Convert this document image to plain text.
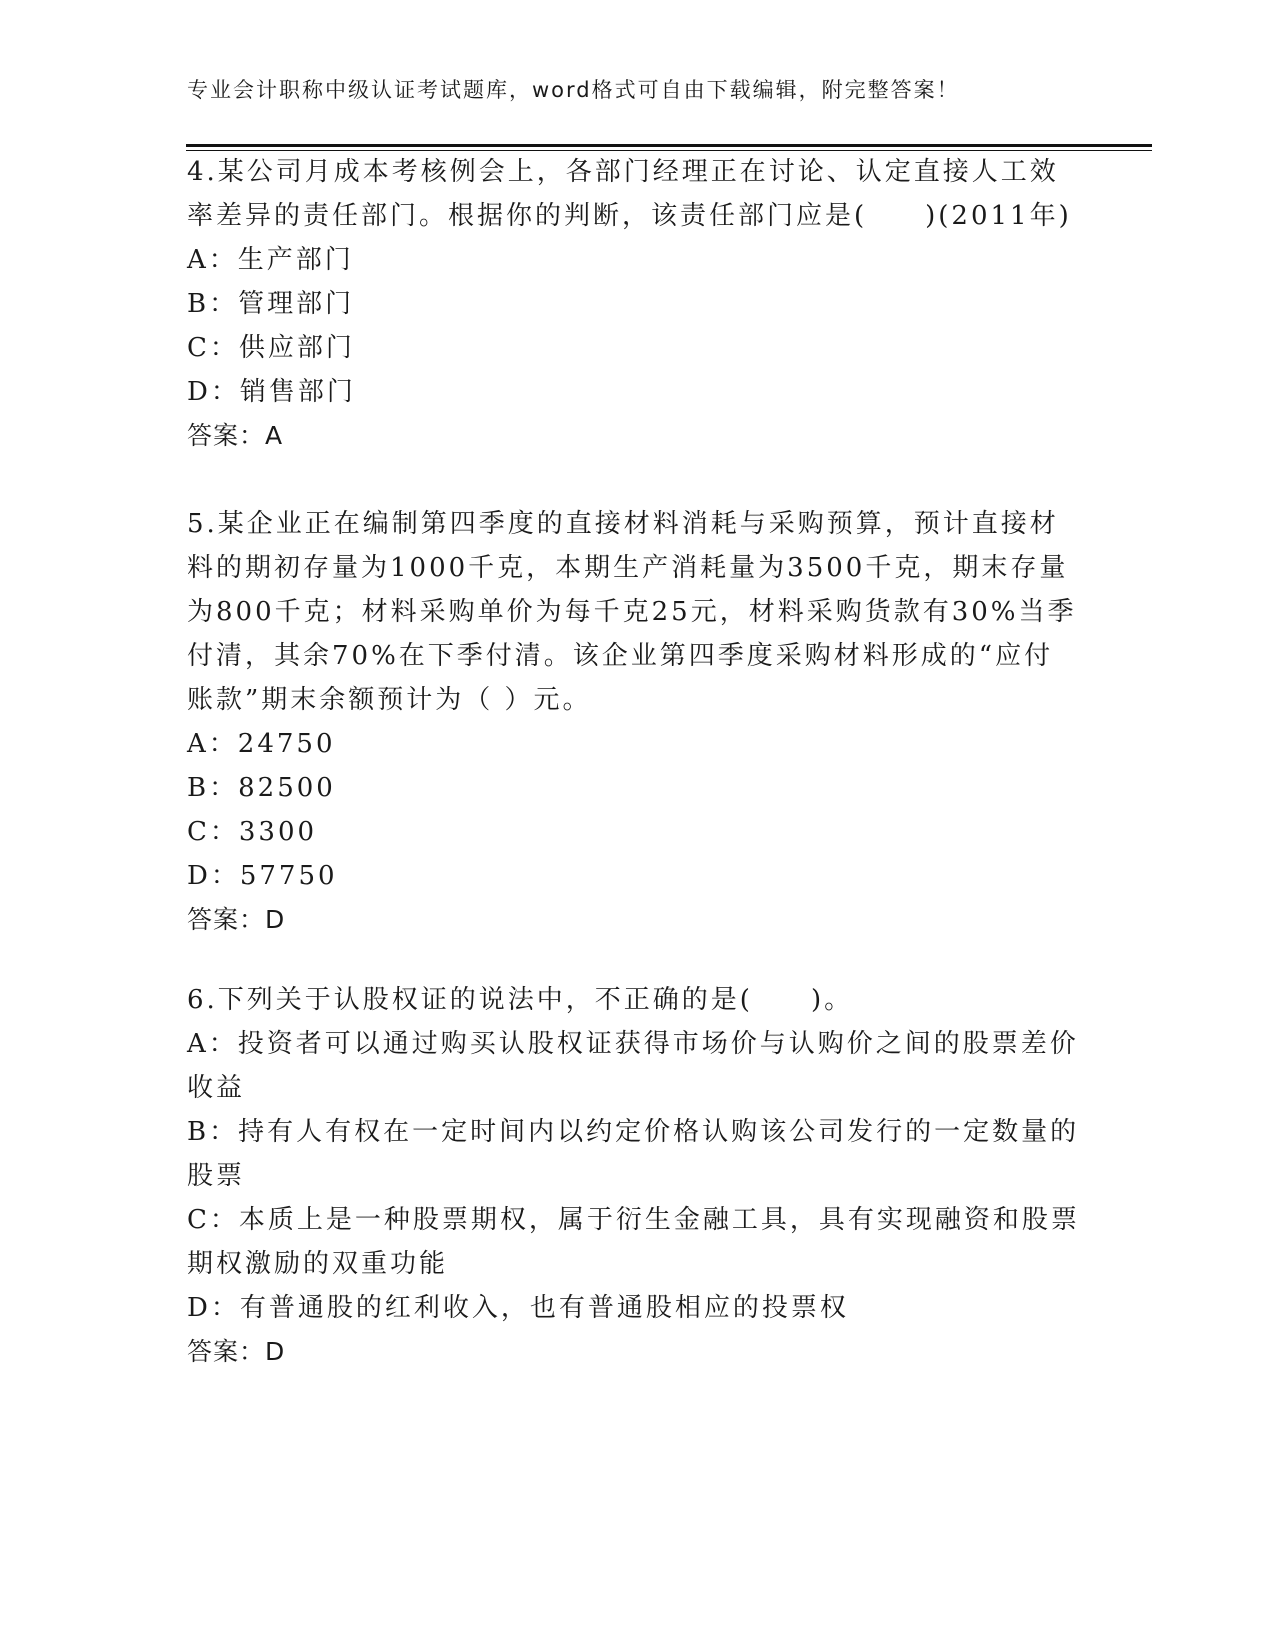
专业会计职称中级认证考试题库，word格式可自由下载编辑，附完整答案！
4.某公司月成本考核例会上，各部门经理正在讨论、认定直接人工效
率差异的责任部门。根据你的判断，该责任部门应是(　　)(2011年)
A：生产部门
B：管理部门
C：供应部门
D：销售部门
答案：A
5.某企业正在编制第四季度的直接材料消耗与采购预算，预计直接材
料的期初存量为1000千克，本期生产消耗量为3500千克，期末存量
为800千克；材料采购单价为每千克25元，材料采购货款有30%当季
付清，其余70%在下季付清。该企业第四季度采购材料形成的“应付
账款”期末余额预计为（ ）元。
A：24750
B：82500
C：3300
D：57750
答案：D
6.下列关于认股权证的说法中，不正确的是(　　)。
A：投资者可以通过购买认股权证获得市场价与认购价之间的股票差价
收益
B：持有人有权在一定时间内以约定价格认购该公司发行的一定数量的
股票
C：本质上是一种股票期权，属于衍生金融工具，具有实现融资和股票
期权激励的双重功能
D：有普通股的红利收入，也有普通股相应的投票权
答案：D
